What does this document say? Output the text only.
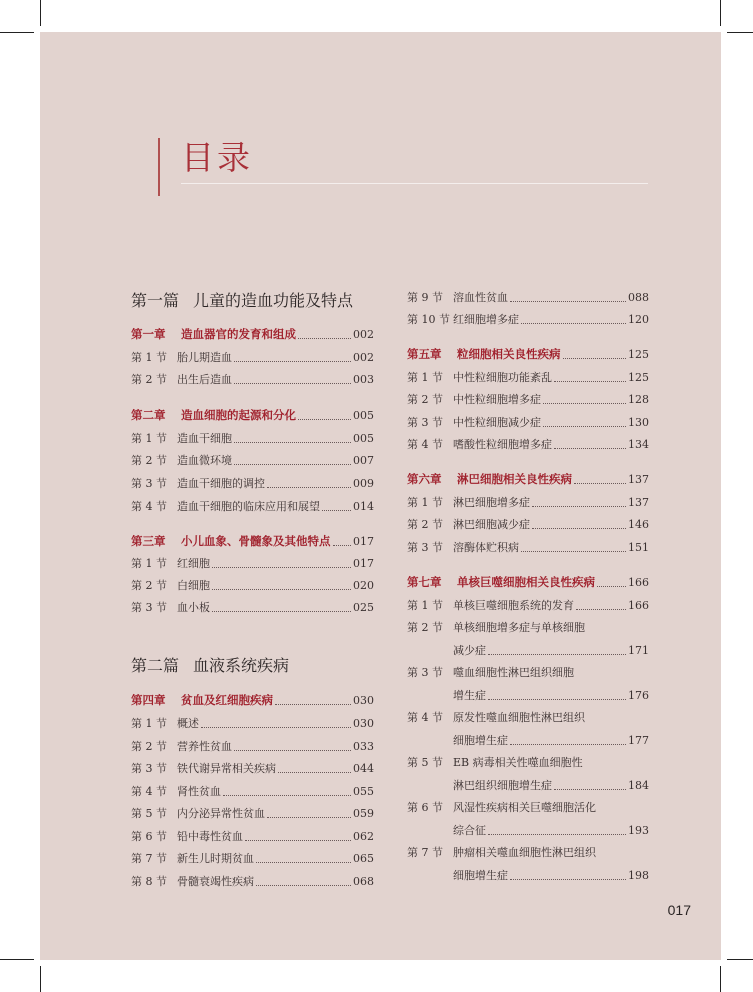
目录
第一篇 儿童的造血功能及特点
第一章	造血器官的发育和组成	002
第 1 节 胎儿期造血	002
第 2 节 出生后造血	003
第二章	造血细胞的起源和分化	005
第 1 节 造血干细胞	005
第 2 节 造血微环境	007
第 3 节 造血干细胞的调控	009
第 4 节 造血干细胞的临床应用和展望	014
第三章	小儿血象、骨髓象及其他特点 017
第 1 节 红细胞	017
第 2 节 白细胞	020
第 3 节 血小板	025
第二篇 血液系统疾病
第四章	贫血及红细胞疾病	030
第 1 节 概述	030
第 2 节 营养性贫血	033
第 3 节 铁代谢异常相关疾病	044
第 4 节 肾性贫血	055
第 5 节 内分泌异常性贫血	059
第 6 节 铅中毒性贫血	062
第 7 节 新生儿时期贫血	065
第 8 节 骨髓衰竭性疾病	068
第 9 节 溶血性贫血	088
第 10 节 红细胞增多症	120
第五章	粒细胞相关良性疾病	125
第 1 节 中性粒细胞功能紊乱	125
第 2 节 中性粒细胞增多症	128
第 3 节 中性粒细胞减少症	130
第 4 节 嗜酸性粒细胞增多症	134
第六章	淋巴细胞相关良性疾病	137
第 1 节 淋巴细胞增多症	137
第 2 节 淋巴细胞减少症	146
第 3 节 溶酶体贮积病	151
第七章	单核巨噬细胞相关良性疾病	166
第 1 节 单核巨噬细胞系统的发育	166
第 2 节 单核细胞增多症与单核细胞
减少症	171
第 3 节 噬血细胞性淋巴组织细胞
增生症	176
第 4 节 原发性噬血细胞性淋巴组织
细胞增生症	177
第 5 节 EB 病毒相关性噬血细胞性
淋巴组织细胞增生症	184
第 6 节 风湿性疾病相关巨噬细胞活化
综合征	193
第 7 节 肿瘤相关噬血细胞性淋巴组织
细胞增生症	198
017
